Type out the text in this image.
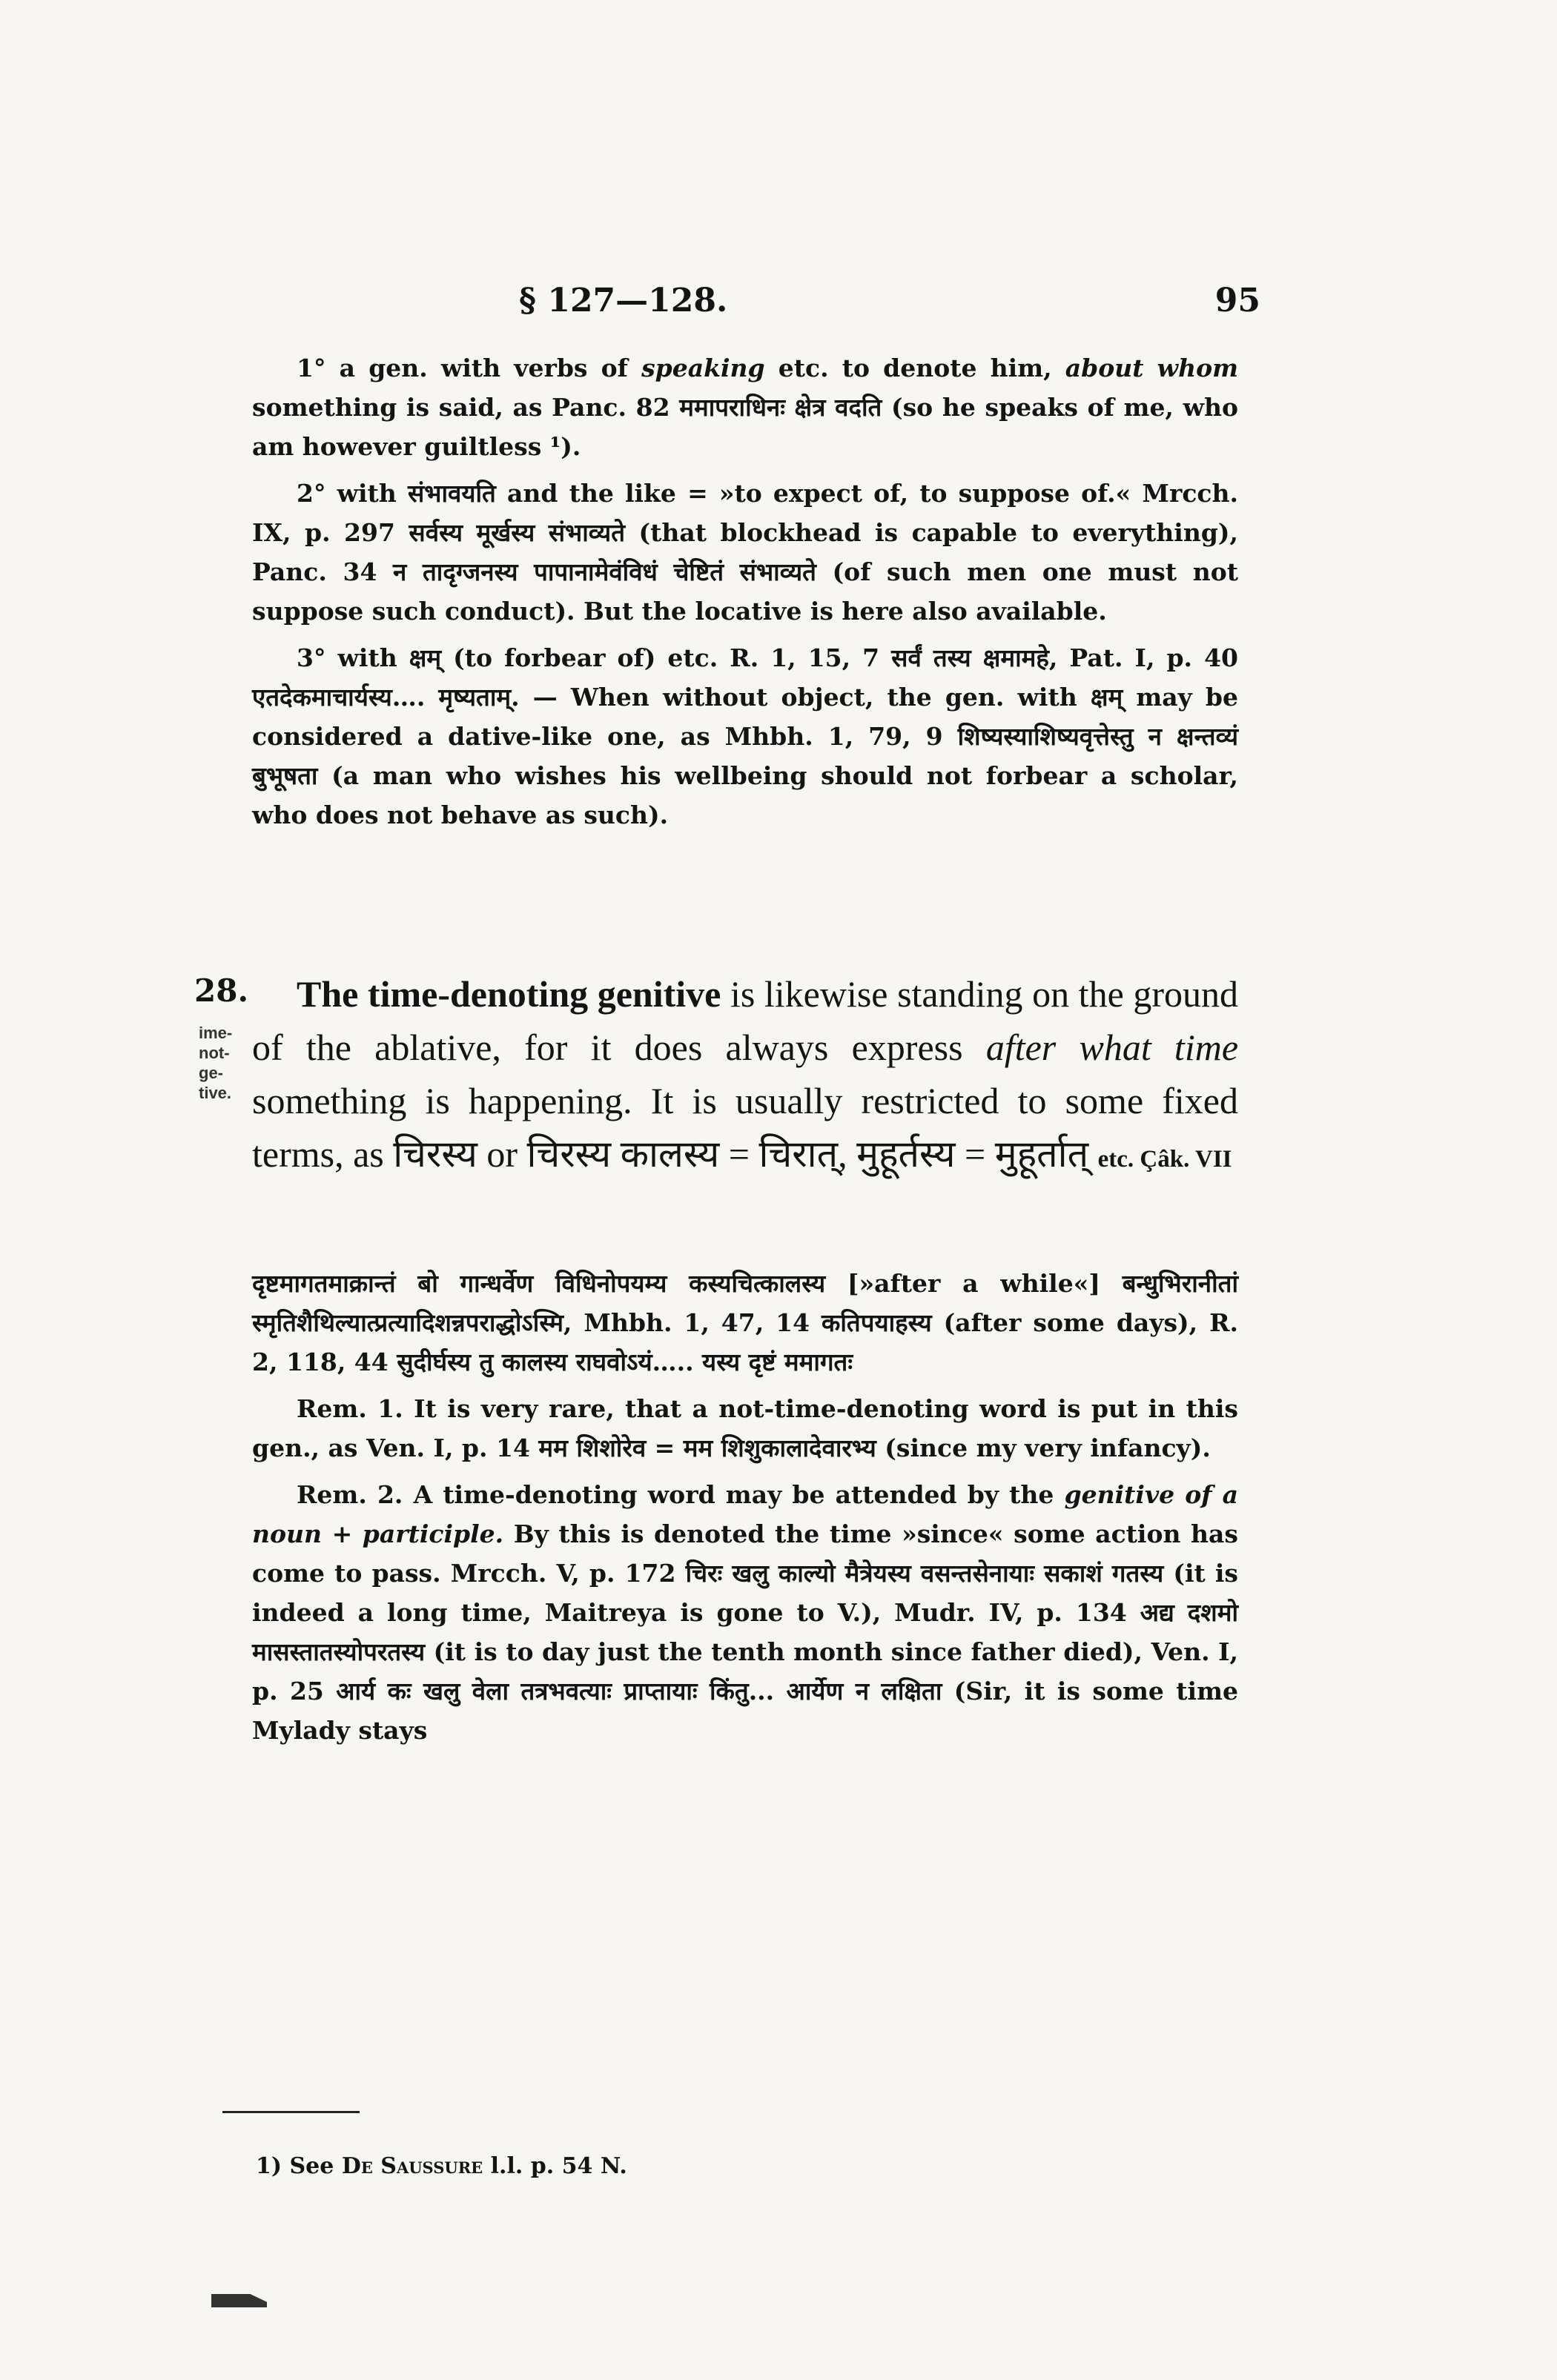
§ 127—128.	95

1° a gen. with verbs of speaking etc. to denote him, about whom something is said, as Panc. 82 ममापराधिनः क्षेत्र वदति (so he speaks of me, who am however guiltless ¹).

2° with संभावयति and the like = »to expect of, to suppose of.« Mrcch. IX, p. 297 सर्वस्य मूर्खस्य संभाव्यते (that blockhead is capable to everything), Panc. 34 न तादृग्जनस्य पापानामेवंविधं चेष्टितं संभाव्यते (of such men one must not suppose such conduct). But the locative is here also available.

3° with क्षम् (to forbear of) etc. R. 1, 15, 7 सर्वं तस्य क्षमामहे, Pat. I, p. 40 एतदेकमाचार्यस्य…. मृष्यताम्. — When without object, the gen. with क्षम् may be considered a dative-like one, as Mhbh. 1, 79, 9 शिष्यस्याशिष्यवृत्तेस्तु न क्षन्तव्यं बुभूषता (a man who wishes his wellbeing should not forbear a scholar, who does not behave as such).

28.
ime-
not-
ge-
tive.

The time-denoting genitive is likewise standing on the ground of the ablative, for it does always express after what time something is happening. It is usually restricted to some fixed terms, as चिरस्य or चिरस्य कालस्य = चिरात्, मुहूर्तस्य = मुहूर्तात् etc. Çâk. VII

दृष्टमागतमाक्रान्तं बो गान्धर्वेण विधिनोपयम्य कस्यचित्कालस्य [»after a while«] बन्धुभिरानीतां स्मृतिशैथिल्यात्प्रत्यादिशन्नपराद्धोऽस्मि, Mhbh. 1, 47, 14 कतिपयाहस्य (after some days), R. 2, 118, 44 सुदीर्घस्य तु कालस्य राघवोऽयं….. यस्य दृष्टं ममागतः

Rem. 1. It is very rare, that a not-time-denoting word is put in this gen., as Ven. I, p. 14 मम शिशोरेव = मम शिशुकालादेवारभ्य (since my very infancy).

Rem. 2. A time-denoting word may be attended by the genitive of a noun + participle. By this is denoted the time »since« some action has come to pass. Mrcch. V, p. 172 चिरः खलु काल्यो मैत्रेयस्य वसन्तसेनायाः सकाशं गतस्य (it is indeed a long time, Maitreya is gone to V.), Mudr. IV, p. 134 अद्य दशमो मासस्तातस्योपरतस्य (it is to day just the tenth month since father died), Ven. I, p. 25 आर्य कः खलु वेला तत्रभवत्याः प्राप्तायाः किंतु... आर्येण न लक्षिता (Sir, it is some time Mylady stays

1) See De Saussure l.l. p. 54 N.
